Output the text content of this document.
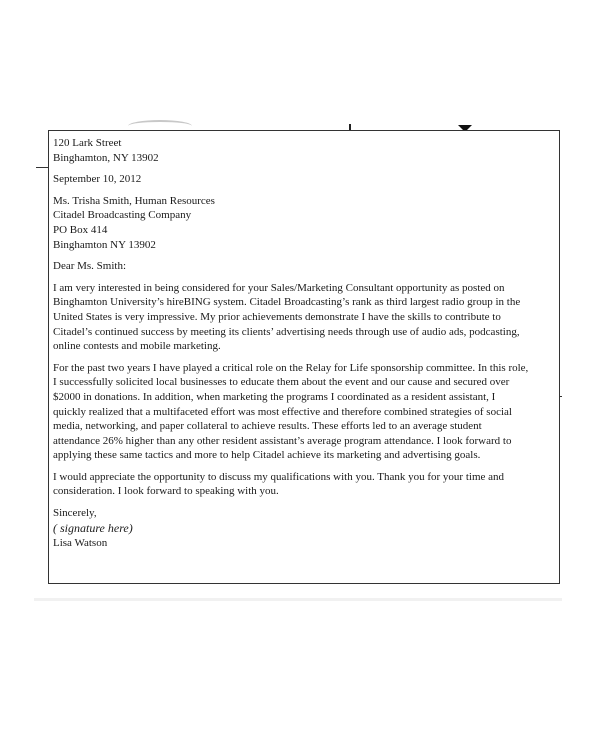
120 Lark Street
Binghamton, NY 13902
September 10, 2012
Ms. Trisha Smith, Human Resources
Citadel Broadcasting Company
PO Box 414
Binghamton NY 13902
Dear Ms. Smith:
I am very interested in being considered for your Sales/Marketing Consultant opportunity as posted on
Binghamton University’s hireBING system. Citadel Broadcasting’s rank as third largest radio group in the
United States is very impressive. My prior achievements demonstrate I have the skills to contribute to
Citadel’s continued success by meeting its clients’ advertising needs through use of audio ads, podcasting,
online contests and mobile marketing.
For the past two years I have played a critical role on the Relay for Life sponsorship committee. In this role,
I successfully solicited local businesses to educate them about the event and our cause and secured over
$2000 in donations. In addition, when marketing the programs I coordinated as a resident assistant, I
quickly realized that a multifaceted effort was most effective and therefore combined strategies of social
media, networking, and paper collateral to achieve results. These efforts led to an average student
attendance 26% higher than any other resident assistant’s average program attendance. I look forward to
applying these same tactics and more to help Citadel achieve its marketing and advertising goals.
I would appreciate the opportunity to discuss my qualifications with you. Thank you for your time and
consideration. I look forward to speaking with you.
Sincerely,
( signature here)
Lisa Watson
